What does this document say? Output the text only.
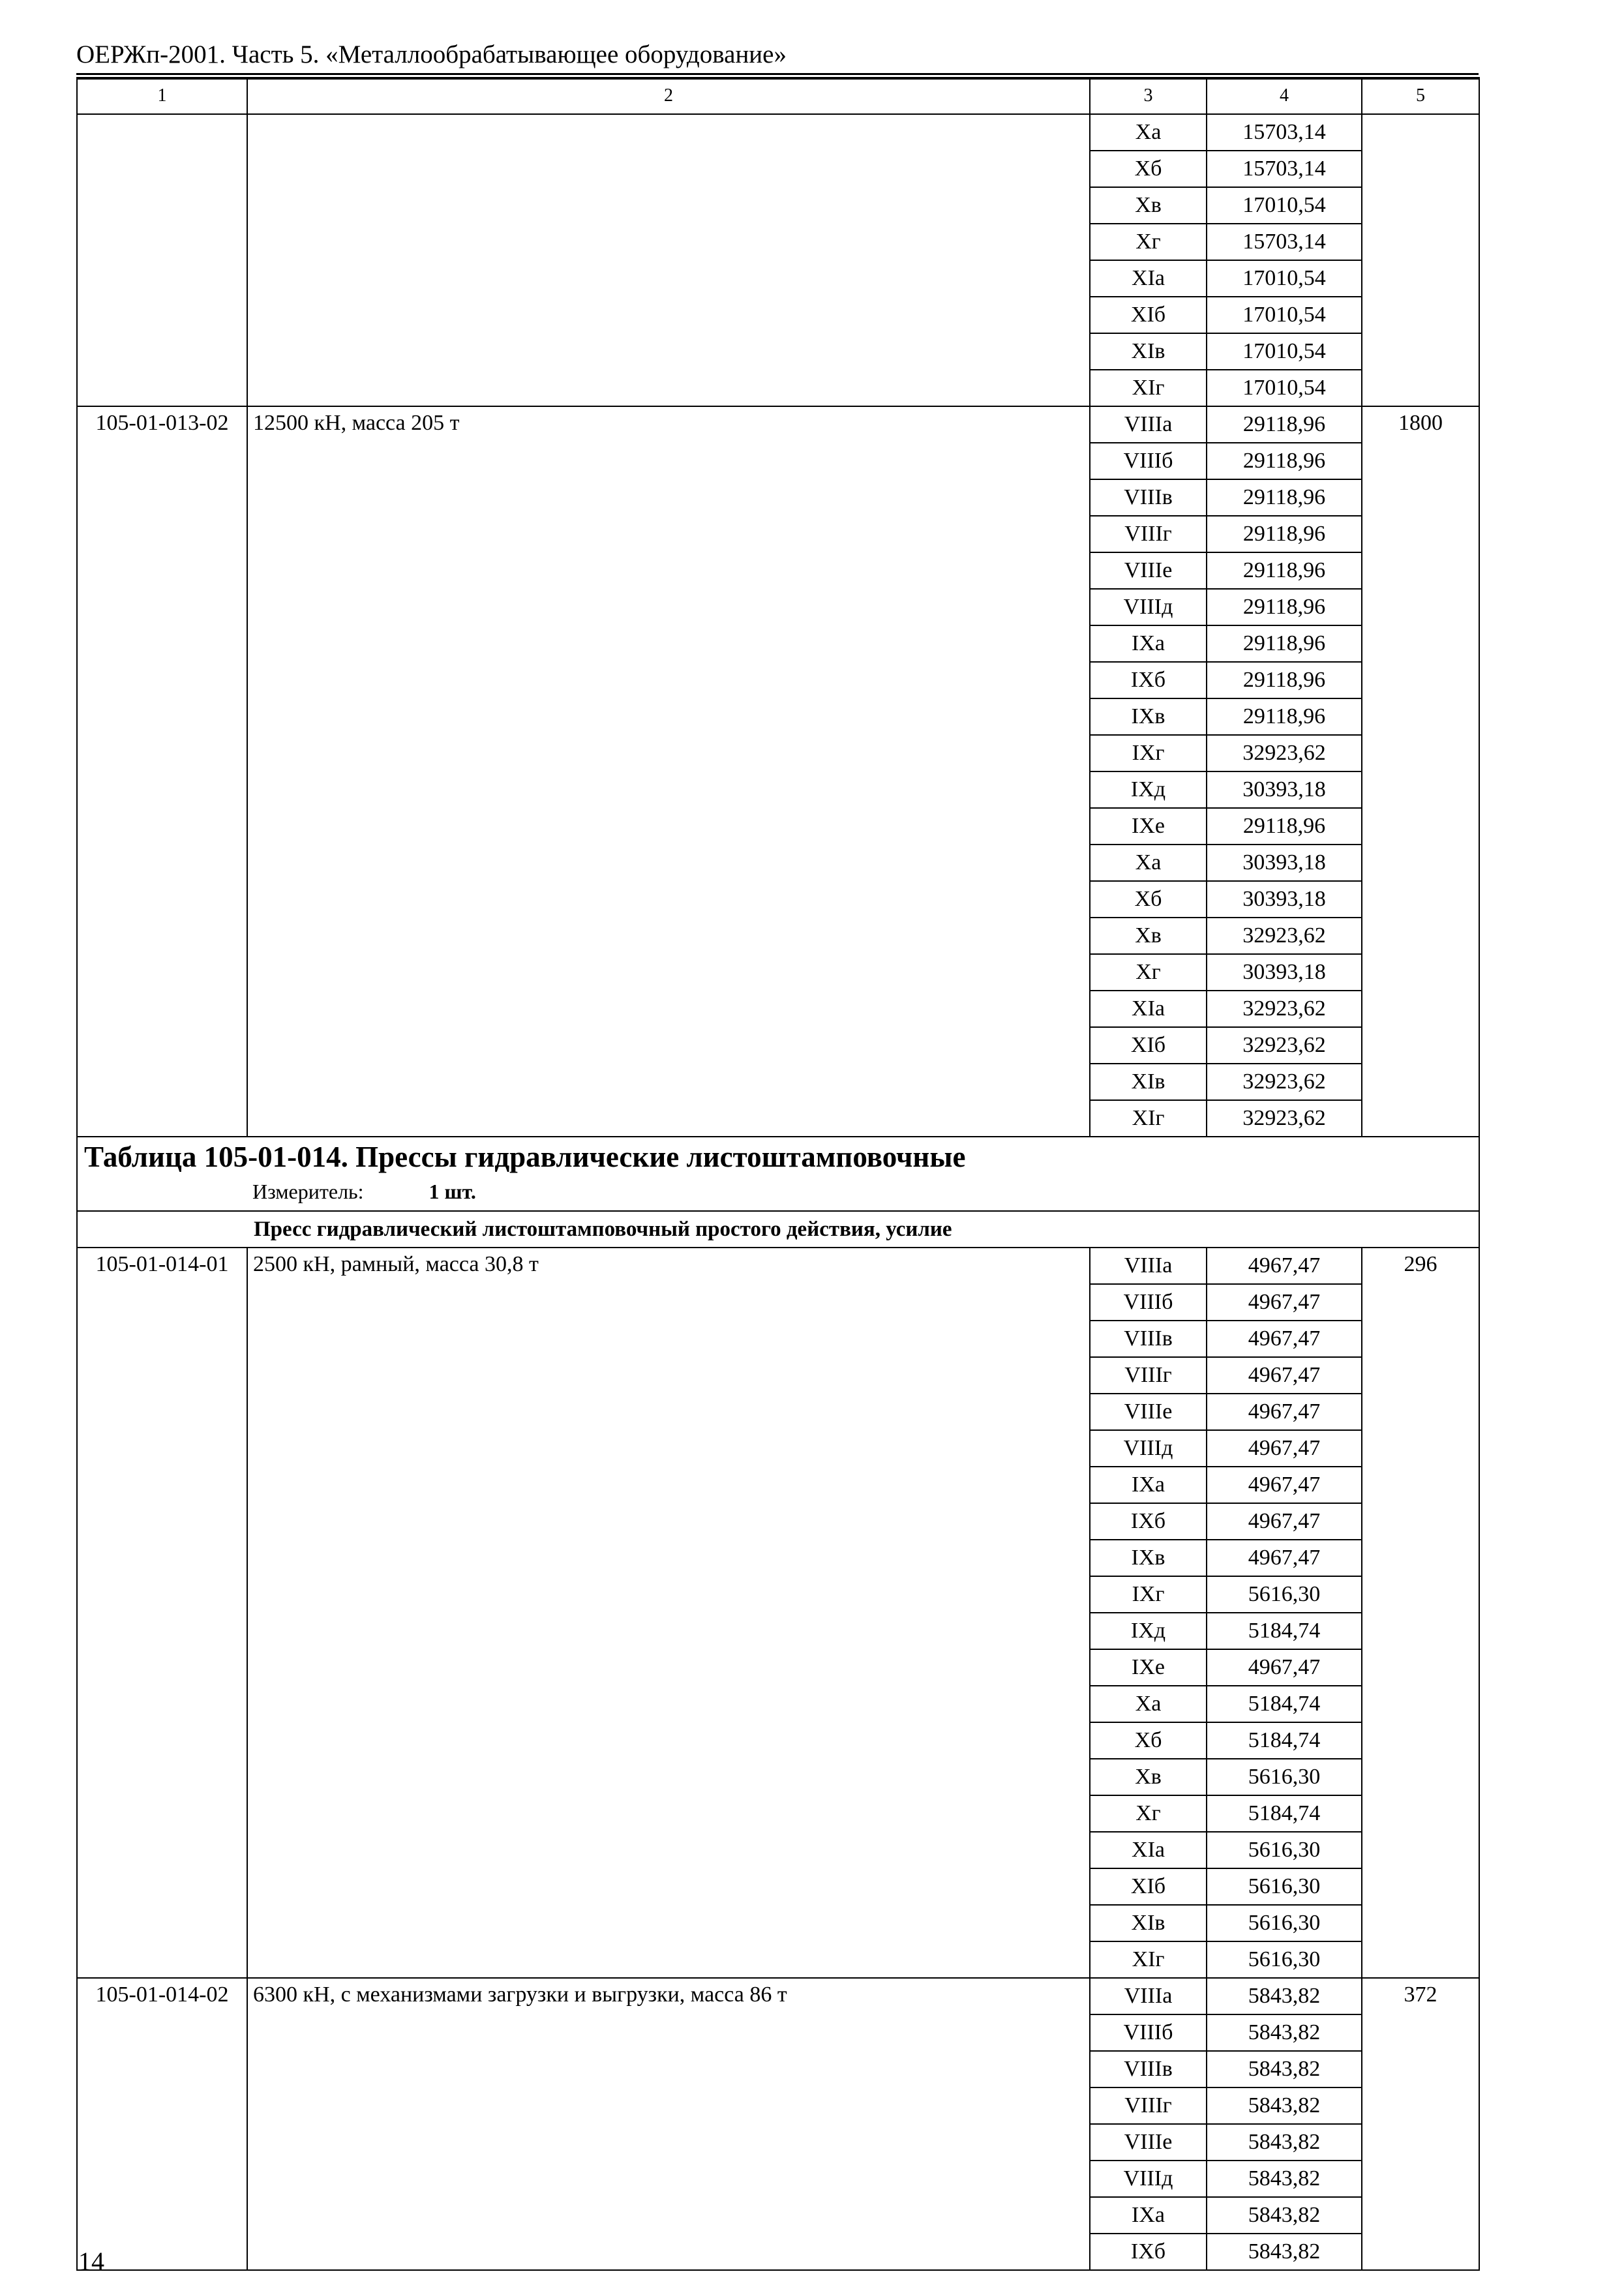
ОЕРЖп-2001. Часть 5. «Металлообрабатывающее оборудование»
1	2	3	4	5
		Xа	15703,14	
		Xб	15703,14	
		Xв	17010,54	
		Xг	15703,14	
		XIа	17010,54	
		XIб	17010,54	
		XIв	17010,54	
		XIг	17010,54	
105-01-013-02	12500 кН, масса 205 т	VIIIа	29118,96	1800
		VIIIб	29118,96	
		VIIIв	29118,96	
		VIIIг	29118,96	
		VIIIе	29118,96	
		VIIIд	29118,96	
		IXа	29118,96	
		IXб	29118,96	
		IXв	29118,96	
		IXг	32923,62	
		IXд	30393,18	
		IXе	29118,96	
		Xа	30393,18	
		Xб	30393,18	
		Xв	32923,62	
		Xг	30393,18	
		XIа	32923,62	
		XIб	32923,62	
		XIв	32923,62	
		XIг	32923,62	

Таблица 105-01-014. Прессы гидравлические листоштамповочные
Измеритель: 1 шт.				

Пресс гидравлический листоштамповочный простого действия, усилие				
105-01-014-01	2500 кН, рамный, масса 30,8 т	VIIIа	4967,47	296
		VIIIб	4967,47	
		VIIIв	4967,47	
		VIIIг	4967,47	
		VIIIе	4967,47	
		VIIIд	4967,47	
		IXа	4967,47	
		IXб	4967,47	
		IXв	4967,47	
		IXг	5616,30	
		IXд	5184,74	
		IXе	4967,47	
		Xа	5184,74	
		Xб	5184,74	
		Xв	5616,30	
		Xг	5184,74	
		XIа	5616,30	
		XIб	5616,30	
		XIв	5616,30	
		XIг	5616,30	
105-01-014-02	6300 кН, с механизмами загрузки и выгрузки, масса 86 т	VIIIа	5843,82	372
		VIIIб	5843,82	
		VIIIв	5843,82	
		VIIIг	5843,82	
		VIIIе	5843,82	
		VIIIд	5843,82	
		IXа	5843,82	
		IXб	5843,82	
14
